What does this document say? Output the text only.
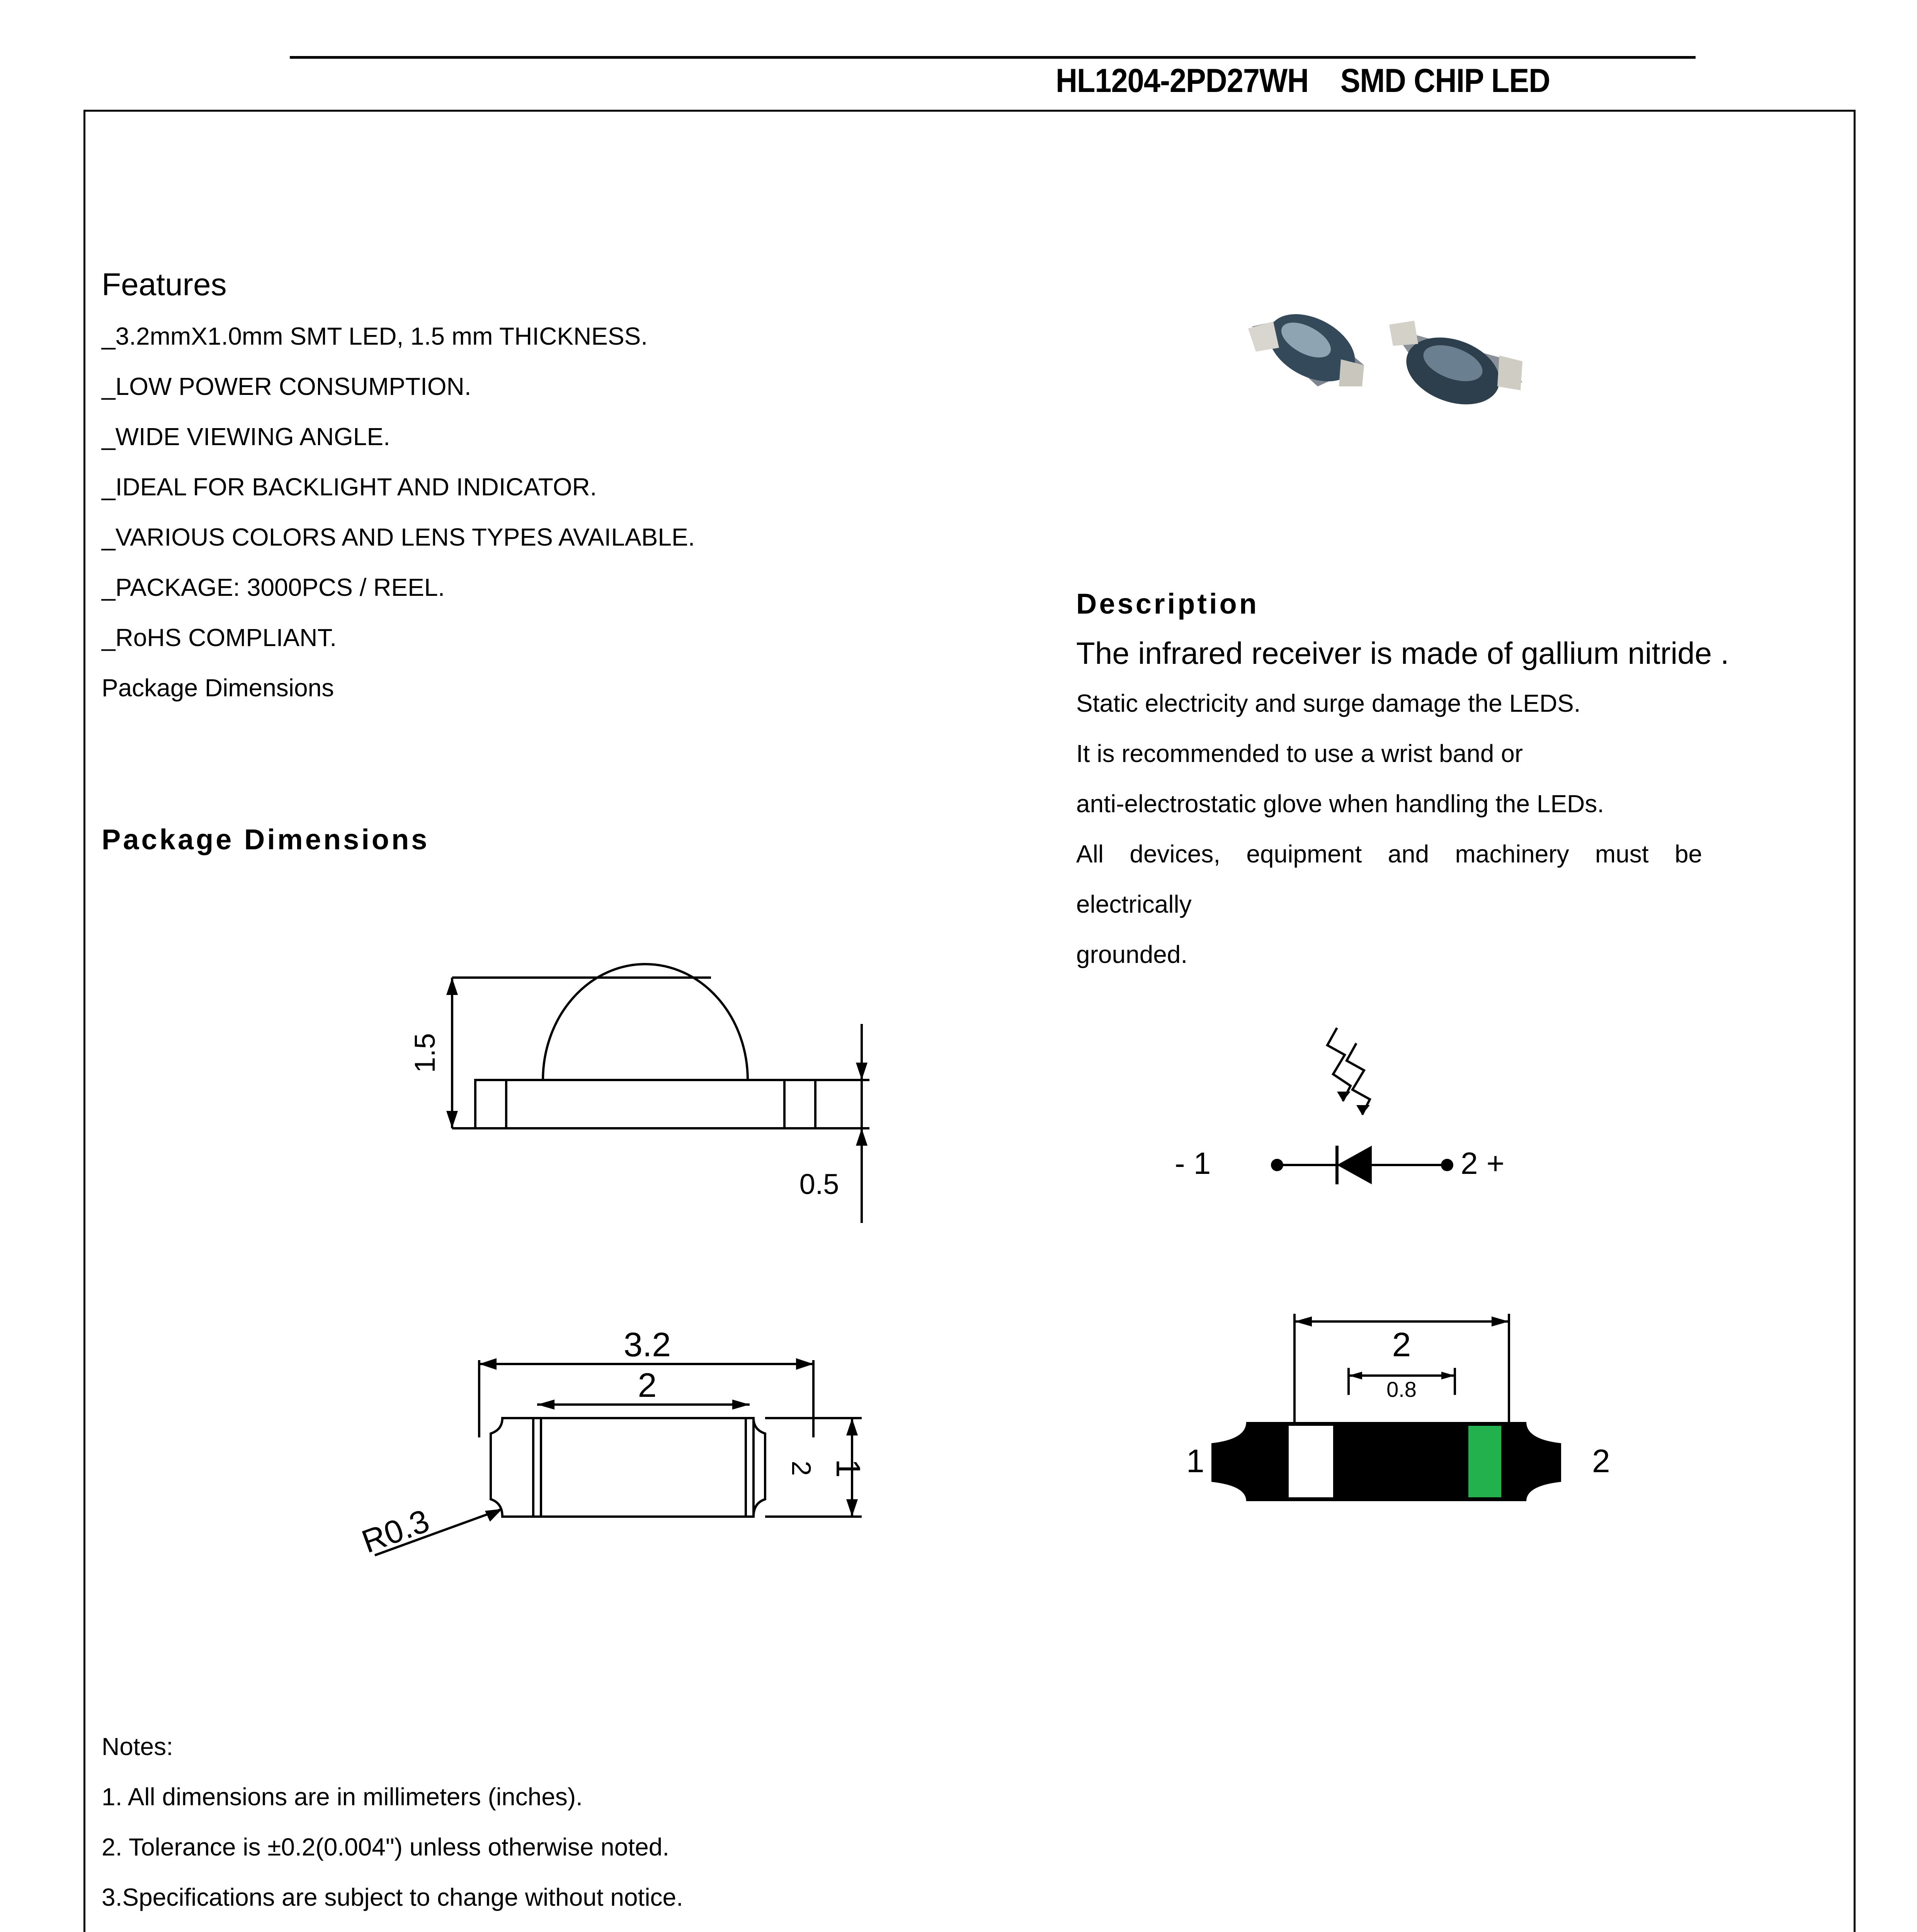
HL1204-2PD27WH SMD CHIP LED
Features
_3.2mmX1.0mm SMT LED, 1.5 mm THICKNESS.
_LOW POWER CONSUMPTION.
_WIDE VIEWING ANGLE.
_IDEAL FOR BACKLIGHT AND INDICATOR.
_VARIOUS COLORS AND LENS TYPES AVAILABLE.
_PACKAGE: 3000PCS / REEL.
_RoHS COMPLIANT.
Package Dimensions
Package Dimensions
Description
The infrared receiver is made of gallium nitride .
Static electricity and surge damage the LEDS.
It is recommended to use a wrist band or
anti-electrostatic glove when handling the LEDs.
All devices, equipment and machinery must be
electrically
grounded.
1.5
0.5
3.2
2
1
2
R0.3
- 1	2 +
2
0.8
1	2
Notes:
1. All dimensions are in millimeters (inches).
2. Tolerance is ±0.2(0.004") unless otherwise noted.
3.Specifications are subject to change without notice.
